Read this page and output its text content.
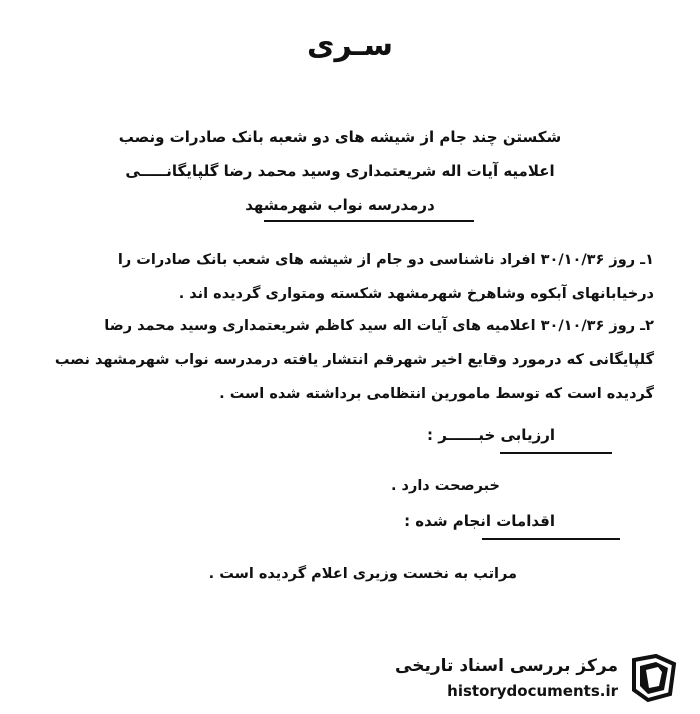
سـری
شکستن چند جام از شیشه های دو شعبه بانک صادرات ونصب
اعلامیه آیات اله شریعتمداری وسید محمد رضا گلپایگانـــــی
درمدرسه نواب شهرمشهد
۱ـ روز ۳۰/۱۰/۳۶ افراد ناشناسی دو جام از شیشه های شعب بانک صادرات را
درخیابانهای آبکوه وشاهرخ شهرمشهد شکسته ومتواری گردیده اند .
۲ـ روز ۳۰/۱۰/۳۶ اعلامیه های آیات اله سید کاظم شریعتمداری وسید محمد رضا
گلپایگانی که درمورد وقایع اخیر شهرقم انتشار یافته درمدرسه نواب شهرمشهد نصب
گردیده است که توسط مامورین انتظامی برداشته شده است .
ارزیابی خبــــــر :
خبرصحت دارد .
اقدامات انجام شده :
مراتب به نخست وزیری اعلام گردیده است .
مرکز بررسی اسناد تاریخی
historydocuments.ir
